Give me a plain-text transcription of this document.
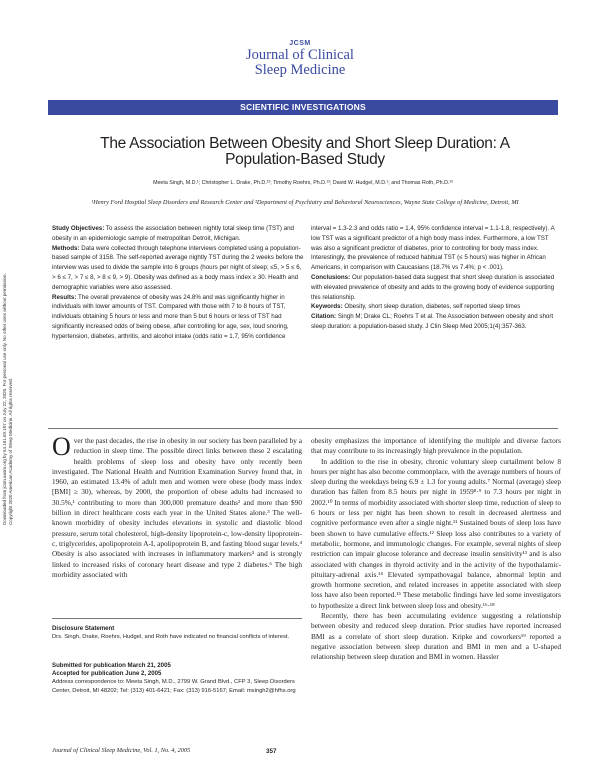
JCSM
Journal of Clinical
Sleep Medicine
SCIENTIFIC INVESTIGATIONS
The Association Between Obesity and Short Sleep Duration: A Population-Based Study
Meeta Singh, M.D.¹; Christopher L. Drake, Ph.D.¹²; Timothy Roehrs, Ph.D.¹²; David W. Hudgel, M.D.¹; and Thomas Roth, Ph.D.¹²
¹Henry Ford Hospital Sleep Disorders and Research Center and ²Department of Psychiatry and Behavioral Neurosciences, Wayne State College of Medicine, Detroit, MI

Study Objectives: To assess the association between nightly total sleep time (TST) and obesity in an epidemiologic sample of metropolitan Detroit, Michigan.

Methods: Data were collected through telephone interviews completed using a population-based sample of 3158. The self-reported average nightly TST during the 2 weeks before the interview was used to divide the sample into 6 groups (hours per night of sleep; ≤5, > 5 ≤ 6, > 6 ≤ 7, > 7 ≤ 8, > 8 ≤ 9, > 9). Obesity was defined as a body mass index ≥ 30. Health and demographic variables were also assessed.

Results: The overall prevalence of obesity was 24.8% and was significantly higher in individuals with lower amounts of TST. Compared with those with 7 to 8 hours of TST, individuals obtaining 5 hours or less and more than 5 but 6 hours or less of TST had significantly increased odds of being obese, after controlling for age, sex, loud snoring, hypertension, diabetes, arthritis, and alcohol intake (odds ratio = 1.7, 95% confidence

interval = 1.3-2.3 and odds ratio = 1.4, 95% confidence interval = 1.1-1.8, respectively). A low TST was a significant predictor of a high body mass index. Furthermore, a low TST was also a significant predictor of diabetes, prior to controlling for body mass index. Interestingly, the prevalence of reduced habitual TST (≤ 5 hours) was higher in African Americans, in comparison with Caucasians (18.7% vs 7.4%; p < .001).

Conclusions: Our population-based data suggest that short sleep duration is associated with elevated prevalence of obesity and adds to the growing body of evidence supporting this relationship.

Keywords: Obesity, short sleep duration, diabetes, self reported sleep times

Citation: Singh M; Drake CL; Roehrs T et al. The Association between obesity and short sleep duration: a population-based study. J Clin Sleep Med 2005;1(4):357-363.

Over the past decades, the rise in obesity in our society has been paralleled by a reduction in sleep time. The possible direct links between these 2 escalating health problems of sleep loss and obesity have only recently been investigated. The National Health and Nutrition Examination Survey found that, in 1960, an estimated 13.4% of adult men and women were obese (body mass index [BMI] ≥ 30), whereas, by 2000, the proportion of obese adults had increased to 30.5%,¹ contributing to more than 300,000 premature deaths² and more than $90 billion in direct healthcare costs each year in the United States alone.³ The well-known morbidity of obesity includes elevations in systolic and diastolic blood pressure, serum total cholesterol, high-density lipoprotein-c, low-density lipoprotein-c, triglycerides, apolipoprotein A-I, apolipoprotein B, and fasting blood sugar levels.⁴ Obesity is also associated with increases in inflammatory markers⁵ and is strongly linked to increased risks of coronary heart disease and type 2 diabetes.⁶ The high morbidity associated with

Disclosure Statement

Drs. Singh, Drake, Roehrs, Hudgel, and Roth have indicated no financial conflicts of interest.

Submitted for publication March 21, 2005

Accepted for publication June 2, 2005

Address correspondence to: Meeta Singh, M.D., 2799 W. Grand Blvd., CFP 3, Sleep Disorders Center, Detroit, MI 48202; Tel: (313) 401-6421; Fax: (313) 916-5167; Email: msingh2@hfhs.org

obesity emphasizes the importance of identifying the multiple and diverse factors that may contribute to its increasingly high prevalence in the population.

In addition to the rise in obesity, chronic voluntary sleep curtailment below 8 hours per night has also become commonplace, with the average numbers of hours of sleep during the weekdays being 6.9 ± 1.3 for young adults.⁷ Normal (average) sleep duration has fallen from 8.5 hours per night in 1959⁸·⁹ to 7.3 hours per night in 2002.¹⁰ In terms of morbidity associated with shorter sleep time, reduction of sleep to 6 hours or less per night has been shown to result in decreased alertness and cognitive performance even after a single night.¹¹ Sustained bouts of sleep loss have been shown to have cumulative effects.¹² Sleep loss also contributes to a variety of metabolic, hormone, and immunologic changes. For example, several nights of sleep restriction can impair glucose tolerance and decrease insulin sensitivity¹³ and is also associated with changes in thyroid activity and in the activity of the hypothalamic-pituitary-adrenal axis.¹⁴ Elevated sympathovagal balance, abnormal leptin and growth hormone secretion, and related increases in appetite associated with sleep loss have also been reported.¹⁵ These metabolic findings have led some investigators to hypothesize a direct link between sleep loss and obesity.¹⁶·¹⁸

Recently, there has been accumulating evidence suggesting a relationship between obesity and reduced sleep duration. Prior studies have reported increased BMI as a correlate of short sleep duration. Kripke and coworkers¹⁹ reported a negative association between sleep duration and BMI in men and a U-shaped relationship between sleep duration and BMI in women. Hassler

Journal of Clinical Sleep Medicine, Vol. 1, No. 4, 2005	357
Downloaded from jcsm.aasm.org by 54.161.69.107 on July 22, 2020. For personal use only. No other uses without permission. Copyright 2020 American Academy of Sleep Medicine. All rights reserved.
